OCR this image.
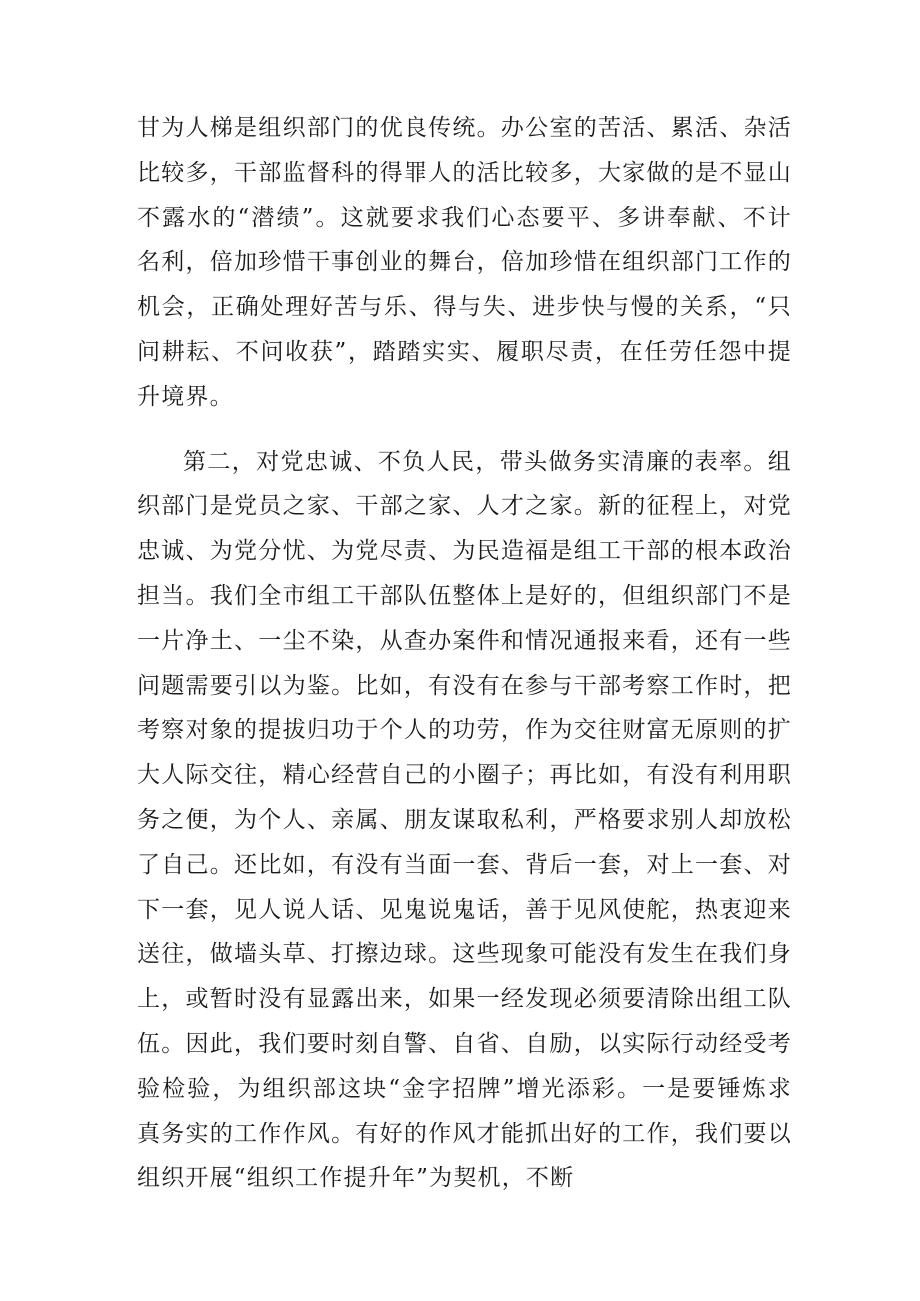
甘为人梯是组织部门的优良传统。办公室的苦活、累活、杂活比较多，干部监督科的得罪人的活比较多，大家做的是不显山不露水的“潜绩”。这就要求我们心态要平、多讲奉献、不计名利，倍加珍惜干事创业的舞台，倍加珍惜在组织部门工作的机会，正确处理好苦与乐、得与失、进步快与慢的关系，“只问耕耘、不问收获”，踏踏实实、履职尽责，在任劳任怨中提升境界。

第二，对党忠诚、不负人民，带头做务实清廉的表率。组织部门是党员之家、干部之家、人才之家。新的征程上，对党忠诚、为党分忧、为党尽责、为民造福是组工干部的根本政治担当。我们全市组工干部队伍整体上是好的，但组织部门不是一片净土、一尘不染，从查办案件和情况通报来看，还有一些问题需要引以为鉴。比如，有没有在参与干部考察工作时，把考察对象的提拔归功于个人的功劳，作为交往财富无原则的扩大人际交往，精心经营自己的小圈子；再比如，有没有利用职务之便，为个人、亲属、朋友谋取私利，严格要求别人却放松了自己。还比如，有没有当面一套、背后一套，对上一套、对下一套，见人说人话、见鬼说鬼话，善于见风使舵，热衷迎来送往，做墙头草、打擦边球。这些现象可能没有发生在我们身上，或暂时没有显露出来，如果一经发现必须要清除出组工队伍。因此，我们要时刻自警、自省、自励，以实际行动经受考验检验，为组织部这块“金字招牌”增光添彩。一是要锤炼求真务实的工作作风。有好的作风才能抓出好的工作，我们要以组织开展“组织工作提升年”为契机，不断
